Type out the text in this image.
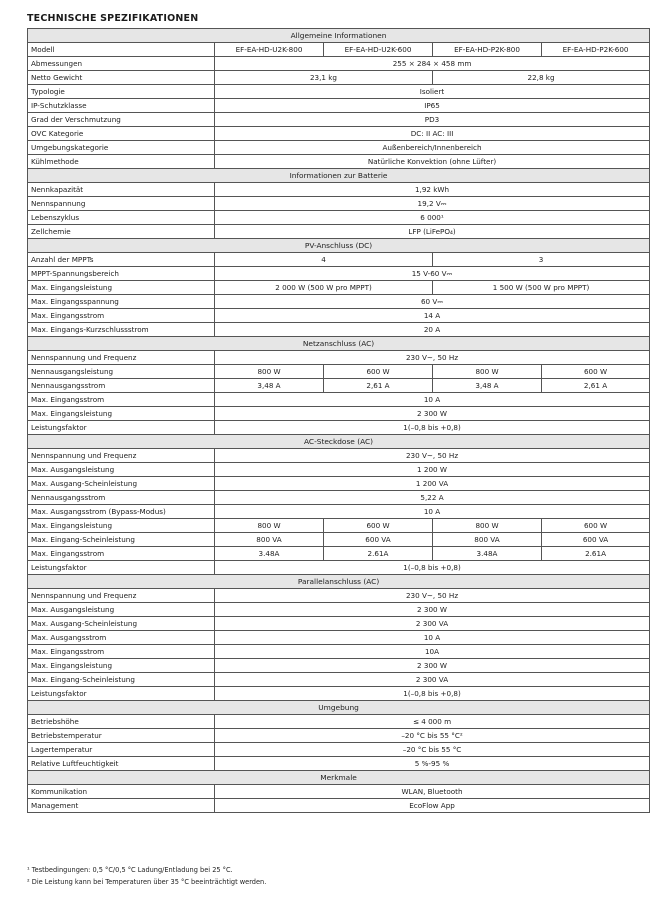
TECHNISCHE SPEZIFIKATIONEN
Allgemeine Informationen				
Modell	EF-EA-HD-U2K-800	EF-EA-HD-U2K-600	EF-EA-HD-P2K-800	EF-EA-HD-P2K-600
Abmessungen	255 × 284 × 458 mm			
Netto Gewicht	23,1 kg		22,8 kg	
Typologie	Isoliert			
IP-Schutzklasse	IP65			
Grad der Verschmutzung	PD3			
OVC Kategorie	DC: II AC: III			
Umgebungskategorie	Außenbereich/Innenbereich			
Kühlmethode	Natürliche Konvektion (ohne Lüfter)			
Informationen zur Batterie				
Nennkapazität	1,92 kWh			
Nennspannung	19,2 V⎓			
Lebenszyklus	6 000¹			
Zellchemie	LFP (LiFePO₄)			
PV-Anschluss (DC)				
Anzahl der MPPTs	4		3	
MPPT-Spannungsbereich	15 V-60 V⎓			
Max. Eingangsleistung	2 000 W (500 W pro MPPT)		1 500 W (500 W pro MPPT)	
Max. Eingangsspannung	60 V⎓			
Max. Eingangsstrom	14 A			
Max. Eingangs-Kurzschlussstrom	20 A			
Netzanschluss (AC)				
Nennspannung und Frequenz	230 V~, 50 Hz			
Nennausgangsleistung	800 W	600 W	800 W	600 W
Nennausgangsstrom	3,48 A	2,61 A	3,48 A	2,61 A
Max. Eingangsstrom	10 A			
Max. Eingangsleistung	2 300 W			
Leistungsfaktor	1(–0,8 bis +0,8)			
AC-Steckdose (AC)				
Nennspannung und Frequenz	230 V~, 50 Hz			
Max. Ausgangsleistung	1 200 W			
Max. Ausgang-Scheinleistung	1 200 VA			
Nennausgangsstrom	5,22 A			
Max. Ausgangsstrom (Bypass-Modus)	10 A			
Max. Eingangsleistung	800 W	600 W	800 W	600 W
Max. Eingang-Scheinleistung	800 VA	600 VA	800 VA	600 VA
Max. Eingangsstrom	3.48A	2.61A	3.48A	2.61A
Leistungsfaktor	1(–0,8 bis +0,8)			
Parallelanschluss (AC)				
Nennspannung und Frequenz	230 V~, 50 Hz			
Max. Ausgangsleistung	2 300 W			
Max. Ausgang-Scheinleistung	2 300 VA			
Max. Ausgangsstrom	10 A			
Max. Eingangsstrom	10A			
Max. Eingangsleistung	2 300 W			
Max. Eingang-Scheinleistung	2 300 VA			
Leistungsfaktor	1(–0,8 bis +0,8)			
Umgebung				
Betriebshöhe	≤ 4 000 m			
Betriebstemperatur	–20 °C bis 55 °C²			
Lagertemperatur	–20 °C bis 55 °C			
Relative Luftfeuchtigkeit	5 %-95 %			
Merkmale				
Kommunikation	WLAN, Bluetooth			
Management	EcoFlow App			
¹ Testbedingungen: 0,5 °C/0,5 °C Ladung/Entladung bei 25 °C.
² Die Leistung kann bei Temperaturen über 35 °C beeinträchtigt werden.
